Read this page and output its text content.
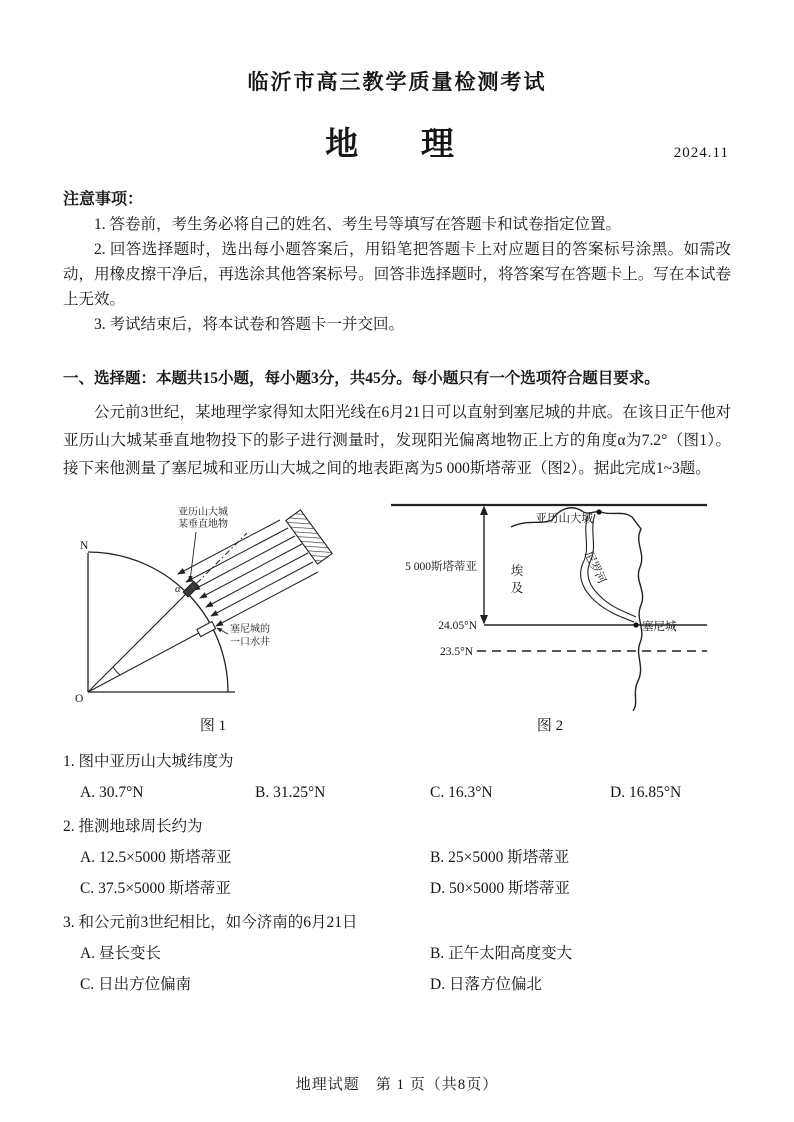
临沂市高三教学质量检测考试
地　理	2024.11
注意事项：

1. 答卷前，考生务必将自己的姓名、考生号等填写在答题卡和试卷指定位置。

2. 回答选择题时，选出每小题答案后，用铅笔把答题卡上对应题目的答案标号涂黑。如需改动，用橡皮擦干净后，再选涂其他答案标号。回答非选择题时，将答案写在答题卡上。写在本试卷上无效。

3. 考试结束后，将本试卷和答题卡一并交回。

一、选择题：本题共15小题，每小题3分，共45分。每小题只有一个选项符合题目要求。

公元前3世纪，某地理学家得知太阳光线在6月21日可以直射到塞尼城的井底。在该日正午他对亚历山大城某垂直地物投下的影子进行测量时，发现阳光偏离地物正上方的角度α为7.2°（图1）。接下来他测量了塞尼城和亚历山大城之间的地表距离为5 000斯塔蒂亚（图2）。据此完成1~3题。

N
O
α
亚历山大城
某垂直地物
塞尼城的
一口水井
图 1
5 000斯塔蒂亚
24.05°N
23.5°N
亚历山大城
塞尼城
埃
及
尼罗河
图 2
1. 图中亚历山大城纬度为
A. 30.7°N	B. 31.25°N	C. 16.3°N	D. 16.85°N
2. 推测地球周长约为
A. 12.5×5000 斯塔蒂亚	B. 25×5000 斯塔蒂亚
C. 37.5×5000 斯塔蒂亚	D. 50×5000 斯塔蒂亚
3. 和公元前3世纪相比，如今济南的6月21日
A. 昼长变长	B. 正午太阳高度变大
C. 日出方位偏南	D. 日落方位偏北
地理试题　第 1 页（共8页）
